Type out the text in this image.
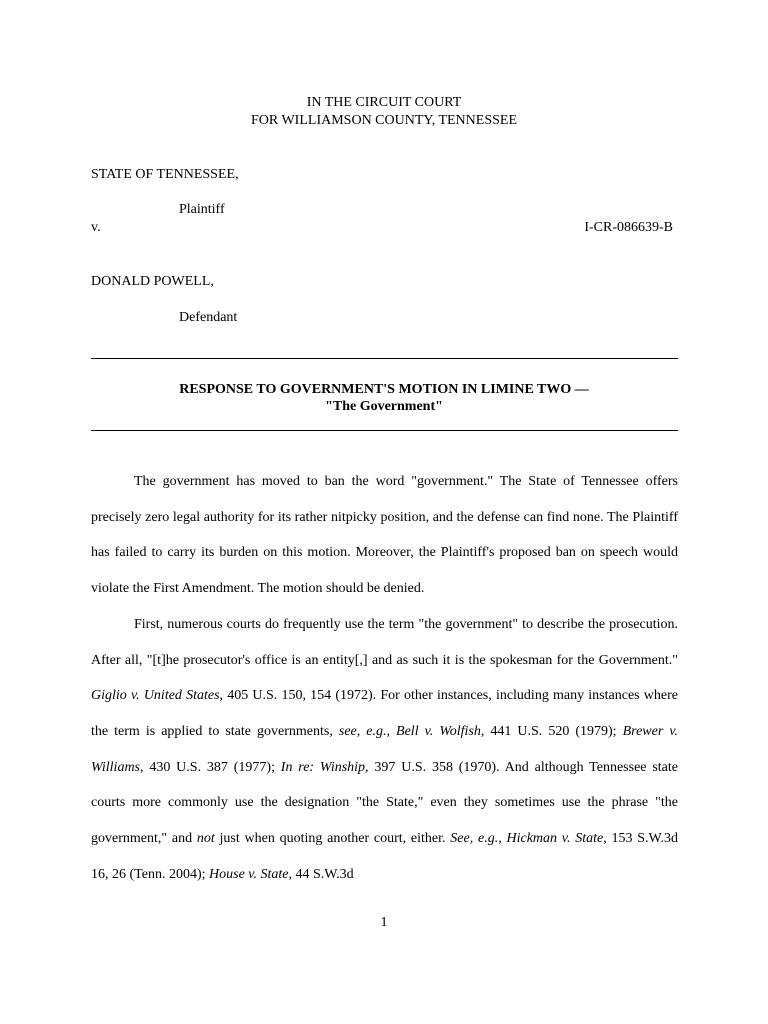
IN THE CIRCUIT COURT
FOR WILLIAMSON COUNTY, TENNESSEE
STATE OF TENNESSEE,
Plaintiff
v.	I-CR-086639-B
DONALD POWELL,
Defendant
RESPONSE TO GOVERNMENT'S MOTION IN LIMINE TWO —
"The Government"

The government has moved to ban the word "government." The State of Tennessee offers precisely zero legal authority for its rather nitpicky position, and the defense can find none. The Plaintiff has failed to carry its burden on this motion. Moreover, the Plaintiff's proposed ban on speech would violate the First Amendment. The motion should be denied.

First, numerous courts do frequently use the term "the government" to describe the prosecution. After all, "[t]he prosecutor's office is an entity[,] and as such it is the spokesman for the Government." Giglio v. United States, 405 U.S. 150, 154 (1972). For other instances, including many instances where the term is applied to state governments, see, e.g., Bell v. Wolfish, 441 U.S. 520 (1979); Brewer v. Williams, 430 U.S. 387 (1977); In re: Winship, 397 U.S. 358 (1970). And although Tennessee state courts more commonly use the designation "the State," even they sometimes use the phrase "the government," and not just when quoting another court, either. See, e.g., Hickman v. State, 153 S.W.3d 16, 26 (Tenn. 2004); House v. State, 44 S.W.3d

1
